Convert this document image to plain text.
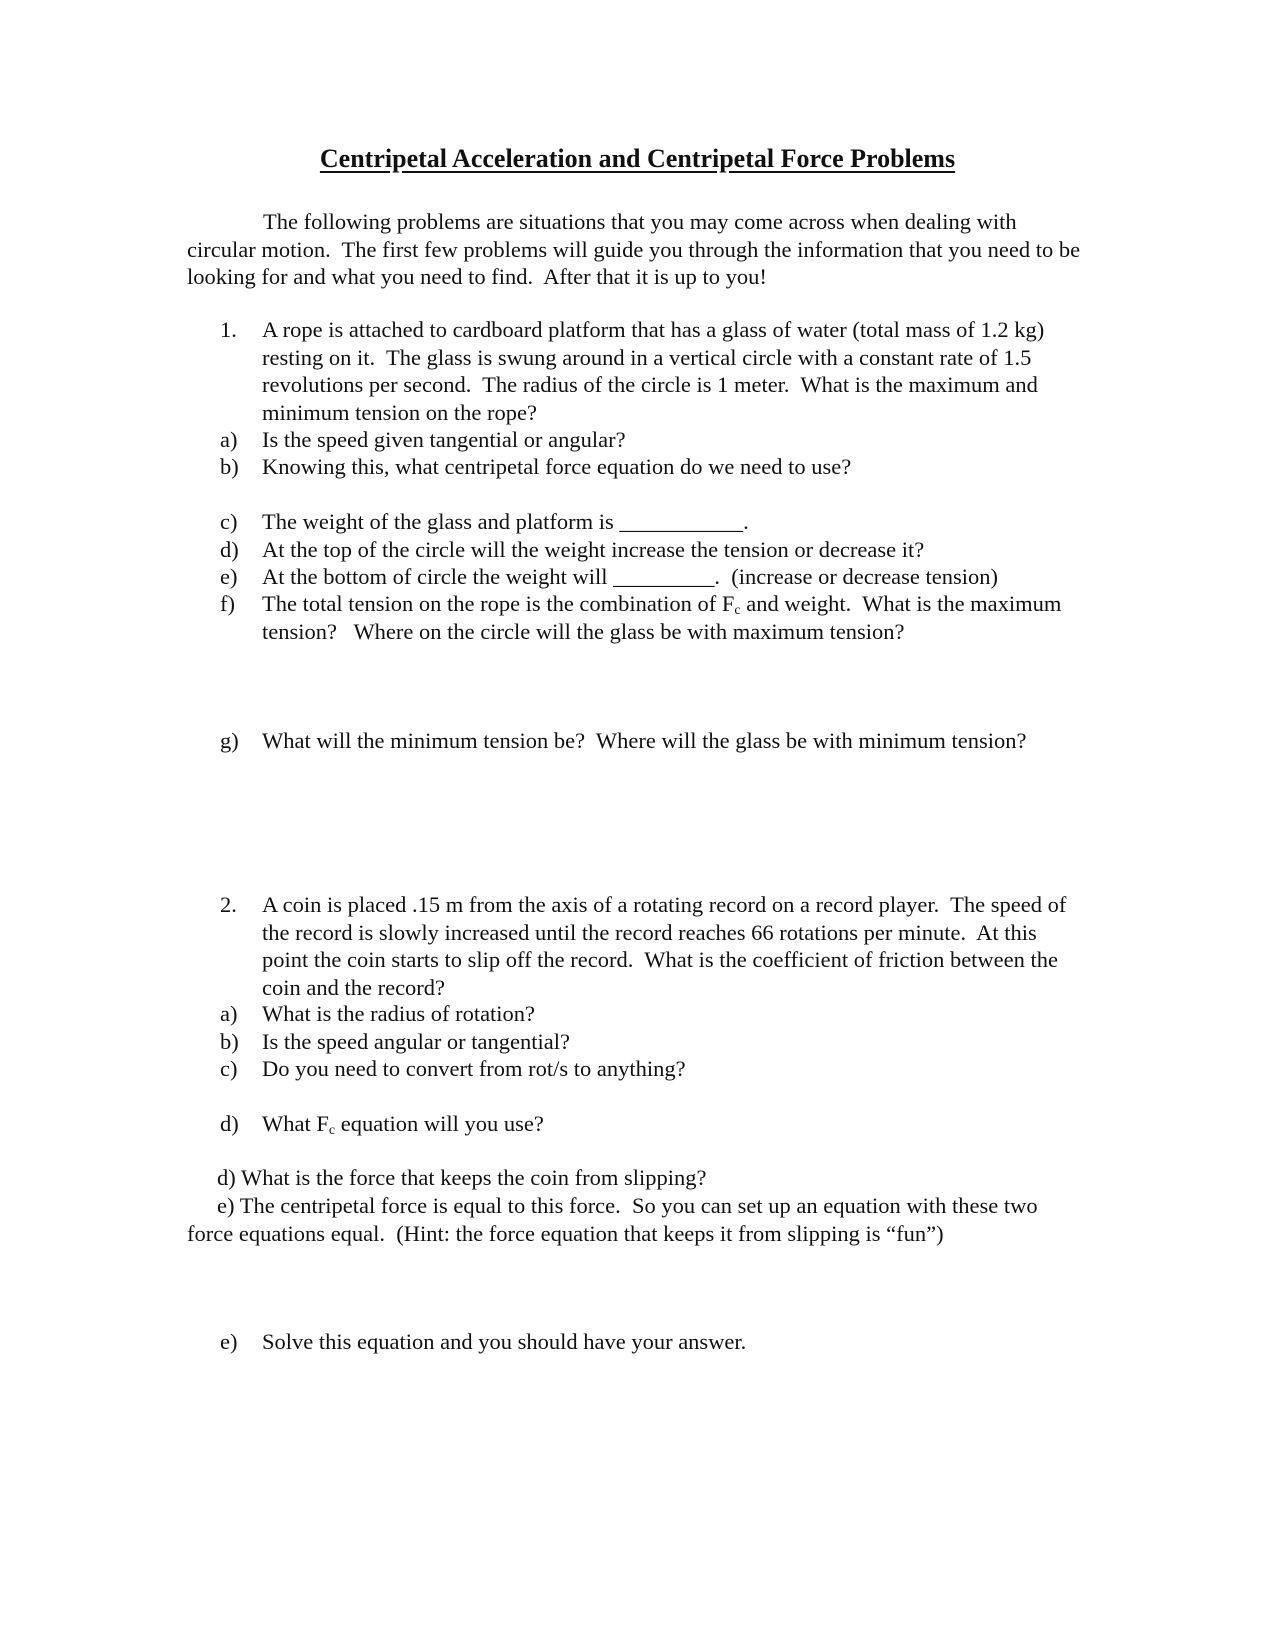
Centripetal Acceleration and Centripetal Force Problems
The following problems are situations that you may come across when dealing with circular motion.  The first few problems will guide you through the information that you need to be looking for and what you need to find.  After that it is up to you!
1.	A rope is attached to cardboard platform that has a glass of water (total mass of 1.2 kg) resting on it.  The glass is swung around in a vertical circle with a constant rate of 1.5 revolutions per second.  The radius of the circle is 1 meter.  What is the maximum and minimum tension on the rope?
a)	Is the speed given tangential or angular?
b)	Knowing this, what centripetal force equation do we need to use?
c)	The weight of the glass and platform is ___________.
d)	At the top of the circle will the weight increase the tension or decrease it?
e)	At the bottom of circle the weight will _________.  (increase or decrease tension)
f)	The total tension on the rope is the combination of $F_c$ and weight.  What is the maximum tension?   Where on the circle will the glass be with maximum tension?
g)	What will the minimum tension be?  Where will the glass be with minimum tension?
2.	A coin is placed .15 m from the axis of a rotating record on a record player.  The speed of the record is slowly increased until the record reaches 66 rotations per minute.  At this point the coin starts to slip off the record.  What is the coefficient of friction between the coin and the record?
a)	What is the radius of rotation?
b)	Is the speed angular or tangential?
c)	Do you need to convert from rot/s to anything?
d)	What $F_c$ equation will you use?
d) What is the force that keeps the coin from slipping?
e) The centripetal force is equal to this force.  So you can set up an equation with these two force equations equal.  (Hint: the force equation that keeps it from slipping is “fun”)
e)	Solve this equation and you should have your answer.
